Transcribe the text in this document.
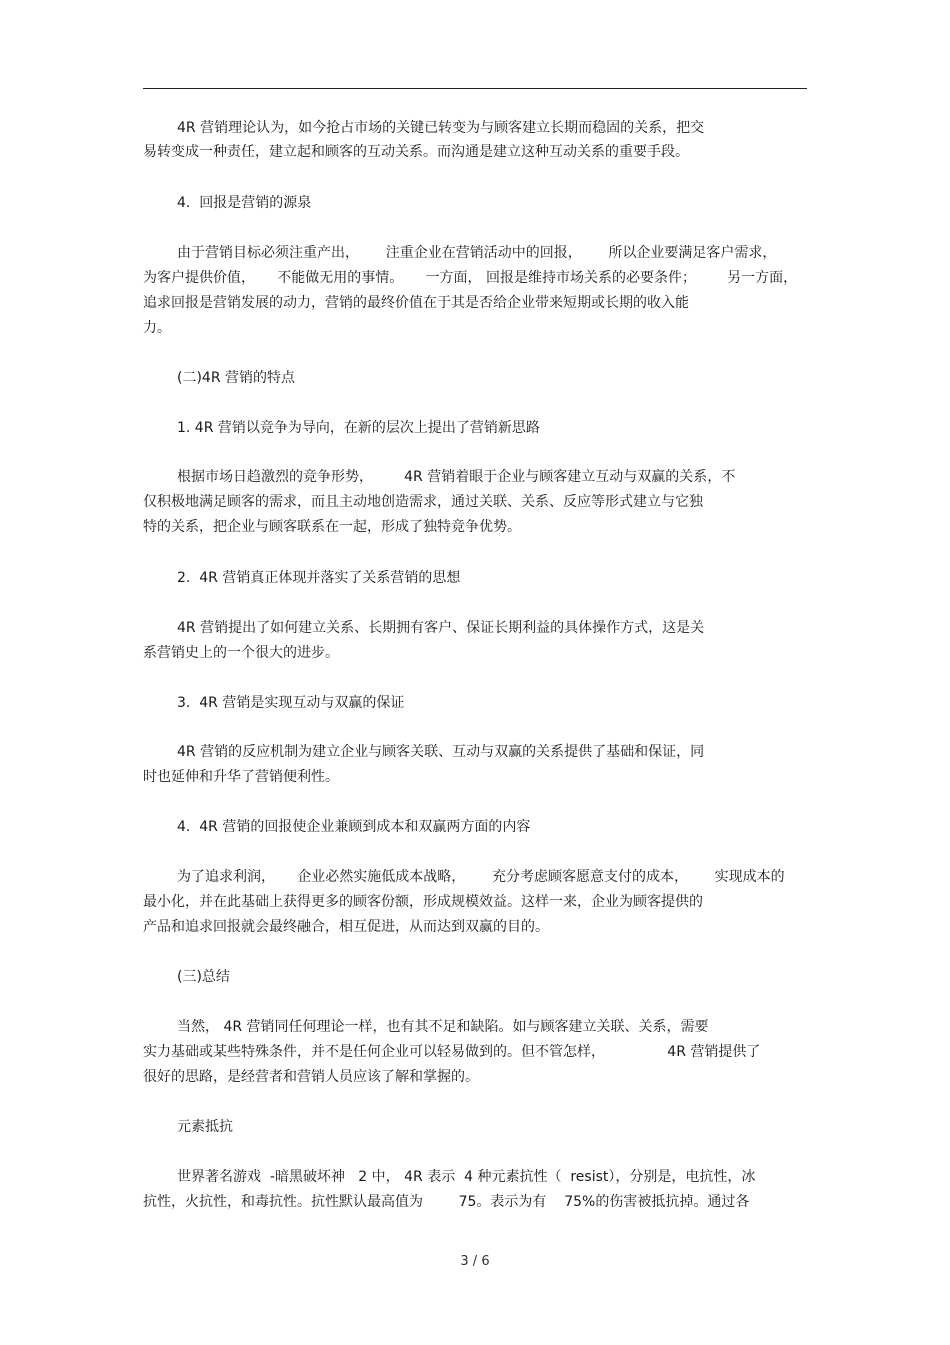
4R 营销理论认为，如今抢占市场的关键已转变为与顾客建立长期而稳固的关系，把交
易转变成一种责任，建立起和顾客的互动关系。而沟通是建立这种互动关系的重要手段。
4.  回报是营销的源泉
由于营销目标必须注重产出，      注重企业在营销活动中的回报，      所以企业要满足客户需求，
为客户提供价值，     不能做无用的事情。     一方面， 回报是维持市场关系的必要条件；       另一方面，
追求回报是营销发展的动力，营销的最终价值在于其是否给企业带来短期或长期的收入能
力。
(二)4R 营销的特点
1. 4R 营销以竞争为导向，在新的层次上提出了营销新思路
根据市场日趋激烈的竞争形势，       4R 营销着眼于企业与顾客建立互动与双赢的关系，不
仅积极地满足顾客的需求，而且主动地创造需求，通过关联、关系、反应等形式建立与它独
特的关系，把企业与顾客联系在一起，形成了独特竞争优势。
2.  4R 营销真正体现并落实了关系营销的思想
4R 营销提出了如何建立关系、长期拥有客户、保证长期利益的具体操作方式，这是关
系营销史上的一个很大的进步。
3.  4R 营销是实现互动与双赢的保证
4R 营销的反应机制为建立企业与顾客关联、互动与双赢的关系提供了基础和保证，同
时也延伸和升华了营销便利性。
4.  4R 营销的回报使企业兼顾到成本和双赢两方面的内容
为了追求利润，     企业必然实施低成本战略，      充分考虑顾客愿意支付的成本，      实现成本的
最小化，并在此基础上获得更多的顾客份额，形成规模效益。这样一来，企业为顾客提供的
产品和追求回报就会最终融合，相互促进，从而达到双赢的目的。
(三)总结
当然， 4R 营销同任何理论一样，也有其不足和缺陷。如与顾客建立关联、关系，需要
实力基础或某些特殊条件，并不是任何企业可以轻易做到的。但不管怎样，              4R 营销提供了
很好的思路，是经营者和营销人员应该了解和掌握的。
元素抵抗
世界著名游戏  -暗黑破坏神   2 中， 4R 表示  4 种元素抗性（  resist），分别是，电抗性，冰
抗性，火抗性，和毒抗性。抗性默认最高值为        75。表示为有    75%的伤害被抵抗掉。通过各
3 / 6
